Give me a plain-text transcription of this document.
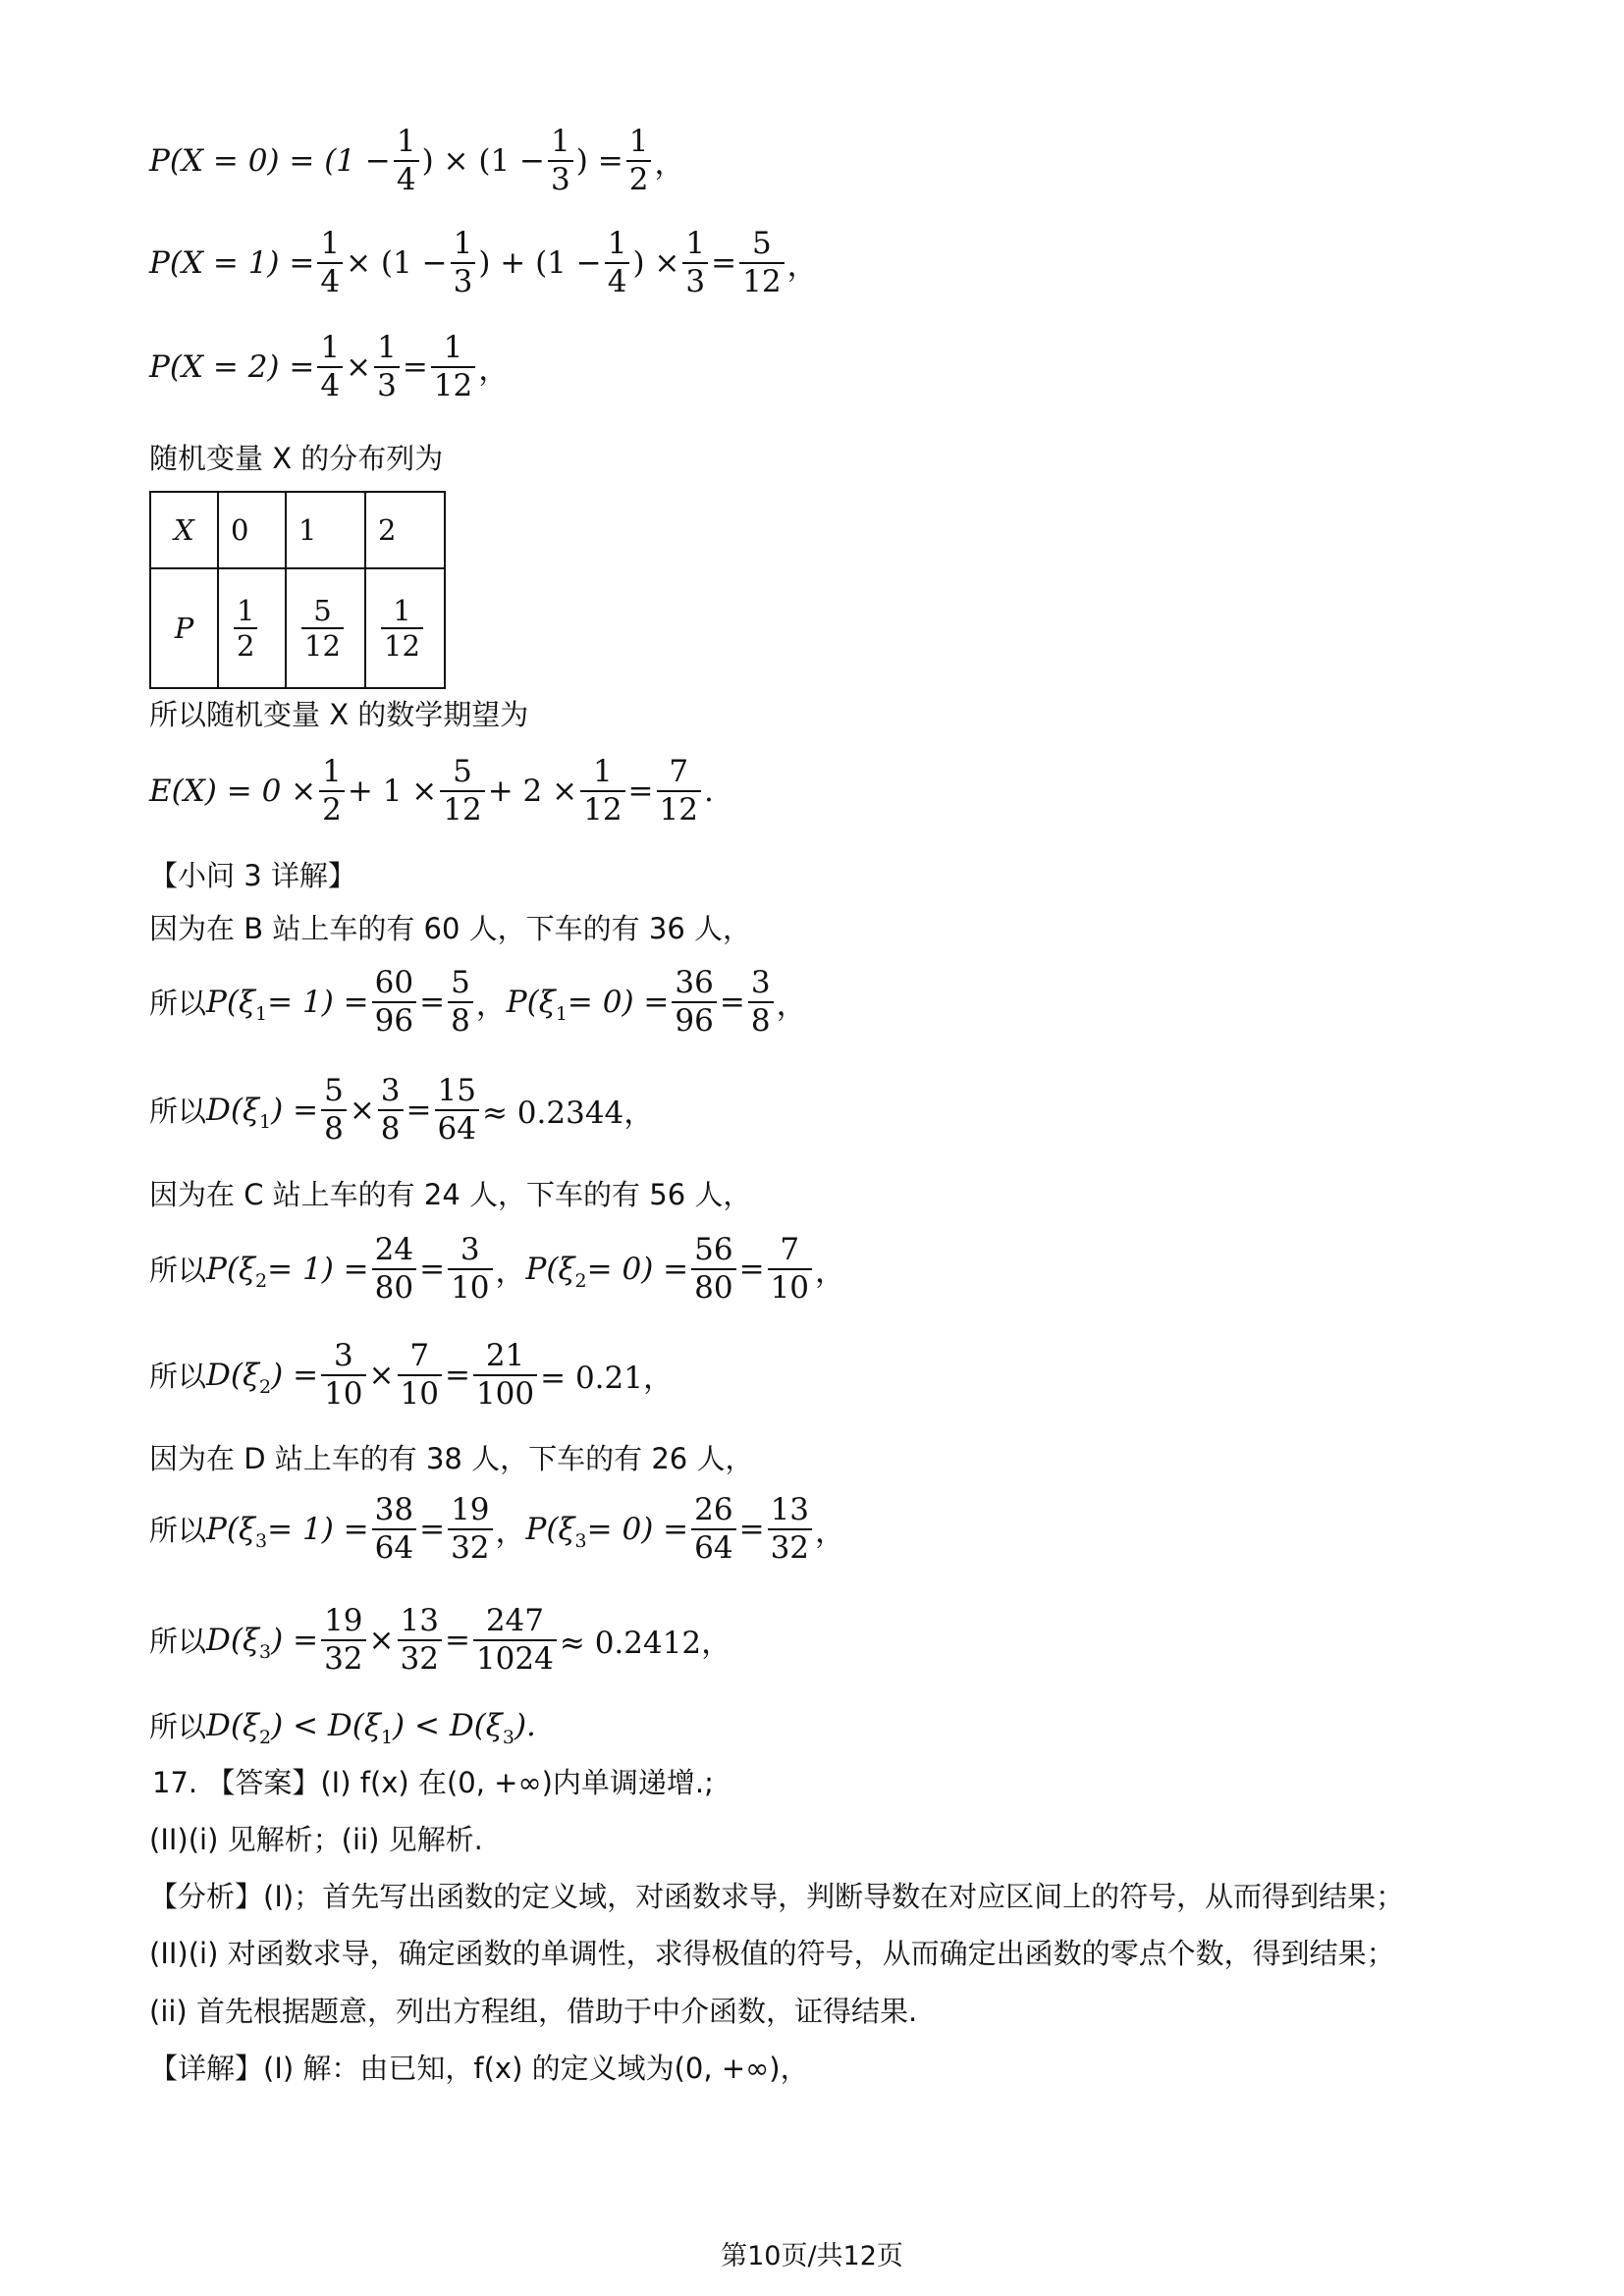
$P(X = 0) = (1 - \frac{1}{4}$ ) × ($1 - \frac{1}{3}$ ) = $\frac{1}{2}$ ，
$P(X = 1) = \frac{1}{4} \times (1 - \frac{1}{3}$ ) + ($1 - \frac{1}{4}$ ) × $\frac{1}{3} = \frac{5}{12}$ ，
$P(X = 2) = \frac{1}{4} \times \frac{1}{3} = \frac{1}{12}$ ，
随机变量 X 的分布列为
X	0	1	2
P	$\frac{1}{2}$	$\frac{5}{12}$	$\frac{1}{12}$
所以随机变量 X 的数学期望为
$E(X) = 0 \times \frac{1}{2} + 1 \times \frac{5}{12} + 2 \times \frac{1}{12} = \frac{7}{12}$ .
【小问 3 详解】
因为在 B 站上车的有 60 人，下车的有 36 人，
所以 P(ξ $1 = 1) = \frac{60}{96} = \frac{5}{8}$ ， P(ξ $1 = 0) = \frac{36}{96} = \frac{3}{8}$ ，
所以 D(ξ 1 ) = $\frac{5}{8} \times \frac{3}{8} = \frac{15}{64} \approx 0.2344$，
因为在 C 站上车的有 24 人，下车的有 56 人，
所以 P(ξ $2 = 1) = \frac{24}{80} = \frac{3}{10}$ ， P(ξ $2 = 0) = \frac{56}{80} = \frac{7}{10}$ ，
所以 D(ξ 2 ) = $\frac{3}{10} \times \frac{7}{10} = \frac{21}{100} = 0.21$，
因为在 D 站上车的有 38 人，下车的有 26 人，
所以 P(ξ $3 = 1) = \frac{38}{64} = \frac{19}{32}$ ， P(ξ $3 = 0) = \frac{26}{64} = \frac{13}{32}$ ，
所以 D(ξ 3 ) = $\frac{19}{32} \times \frac{13}{32} = \frac{247}{1024} \approx 0.2412$，
所以 D(ξ 2 ) < D(ξ 1 ) < D(ξ 3 ).
17. 【答案】(I) f(x) 在(0, +∞)内单调递增.;
(II)(i) 见解析；(ii) 见解析.
【分析】(I)；首先写出函数的定义域，对函数求导，判断导数在对应区间上的符号，从而得到结果；
(II)(i) 对函数求导，确定函数的单调性，求得极值的符号，从而确定出函数的零点个数，得到结果；
(ii) 首先根据题意，列出方程组，借助于中介函数，证得结果.
【详解】(I) 解：由已知，f(x) 的定义域为(0, +∞)，
第10页/共12页
